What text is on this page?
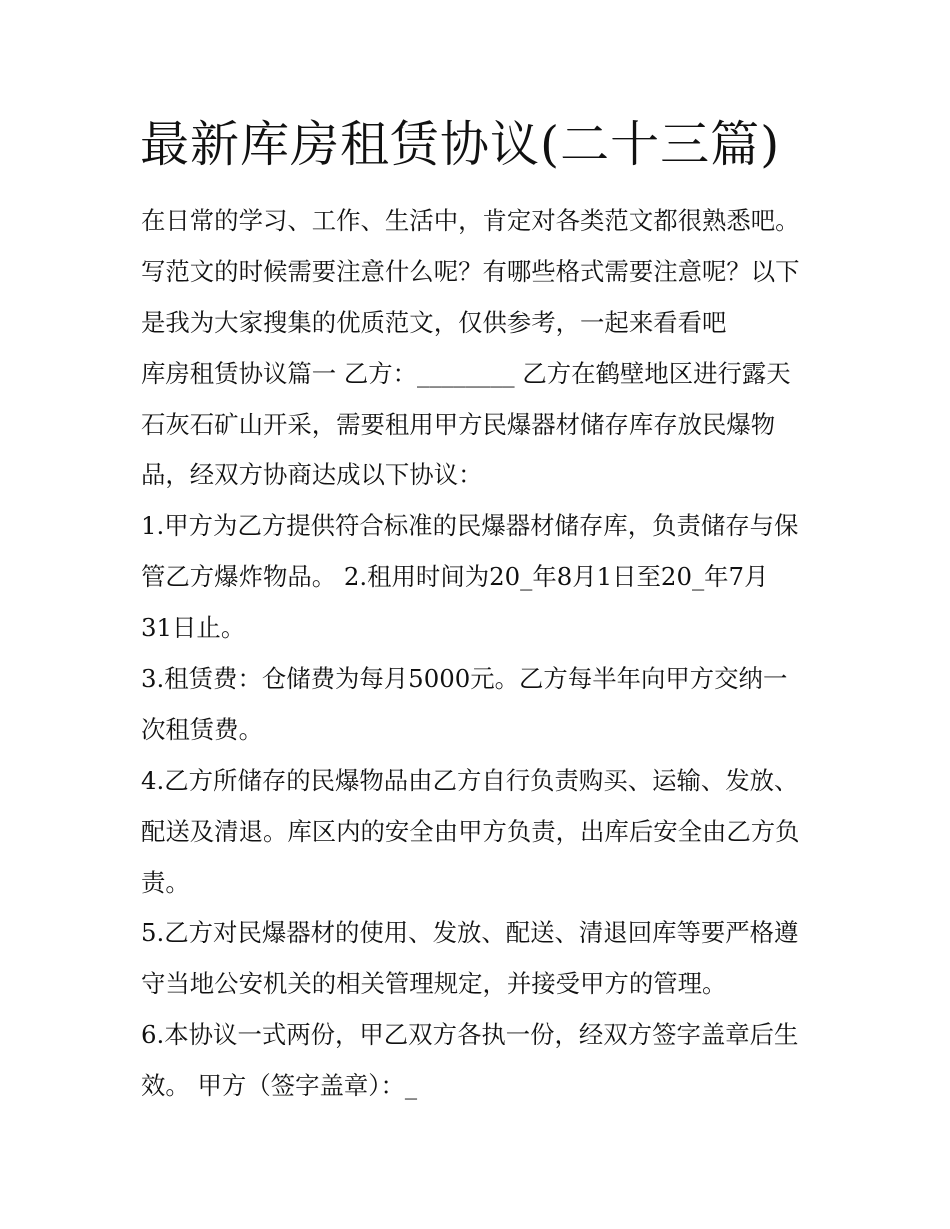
最新库房租赁协议(二十三篇)
在日常的学习、工作、生活中，肯定对各类范文都很熟悉吧。
写范文的时候需要注意什么呢？有哪些格式需要注意呢？以下
是我为大家搜集的优质范文，仅供参考，一起来看看吧
库房租赁协议篇一 乙方：________ 乙方在鹤壁地区进行露天
石灰石矿山开采，需要租用甲方民爆器材储存库存放民爆物
品，经双方协商达成以下协议：
1.甲方为乙方提供符合标准的民爆器材储存库，负责储存与保
管乙方爆炸物品。 2.租用时间为20_年8月1日至20_年7月
31日止。
3.租赁费：仓储费为每月5000元。乙方每半年向甲方交纳一
次租赁费。
4.乙方所储存的民爆物品由乙方自行负责购买、运输、发放、
配送及清退。库区内的安全由甲方负责，出库后安全由乙方负
责。
5.乙方对民爆器材的使用、发放、配送、清退回库等要严格遵
守当地公安机关的相关管理规定，并接受甲方的管理。
6.本协议一式两份，甲乙双方各执一份，经双方签字盖章后生
效。 甲方（签字盖章）：_
